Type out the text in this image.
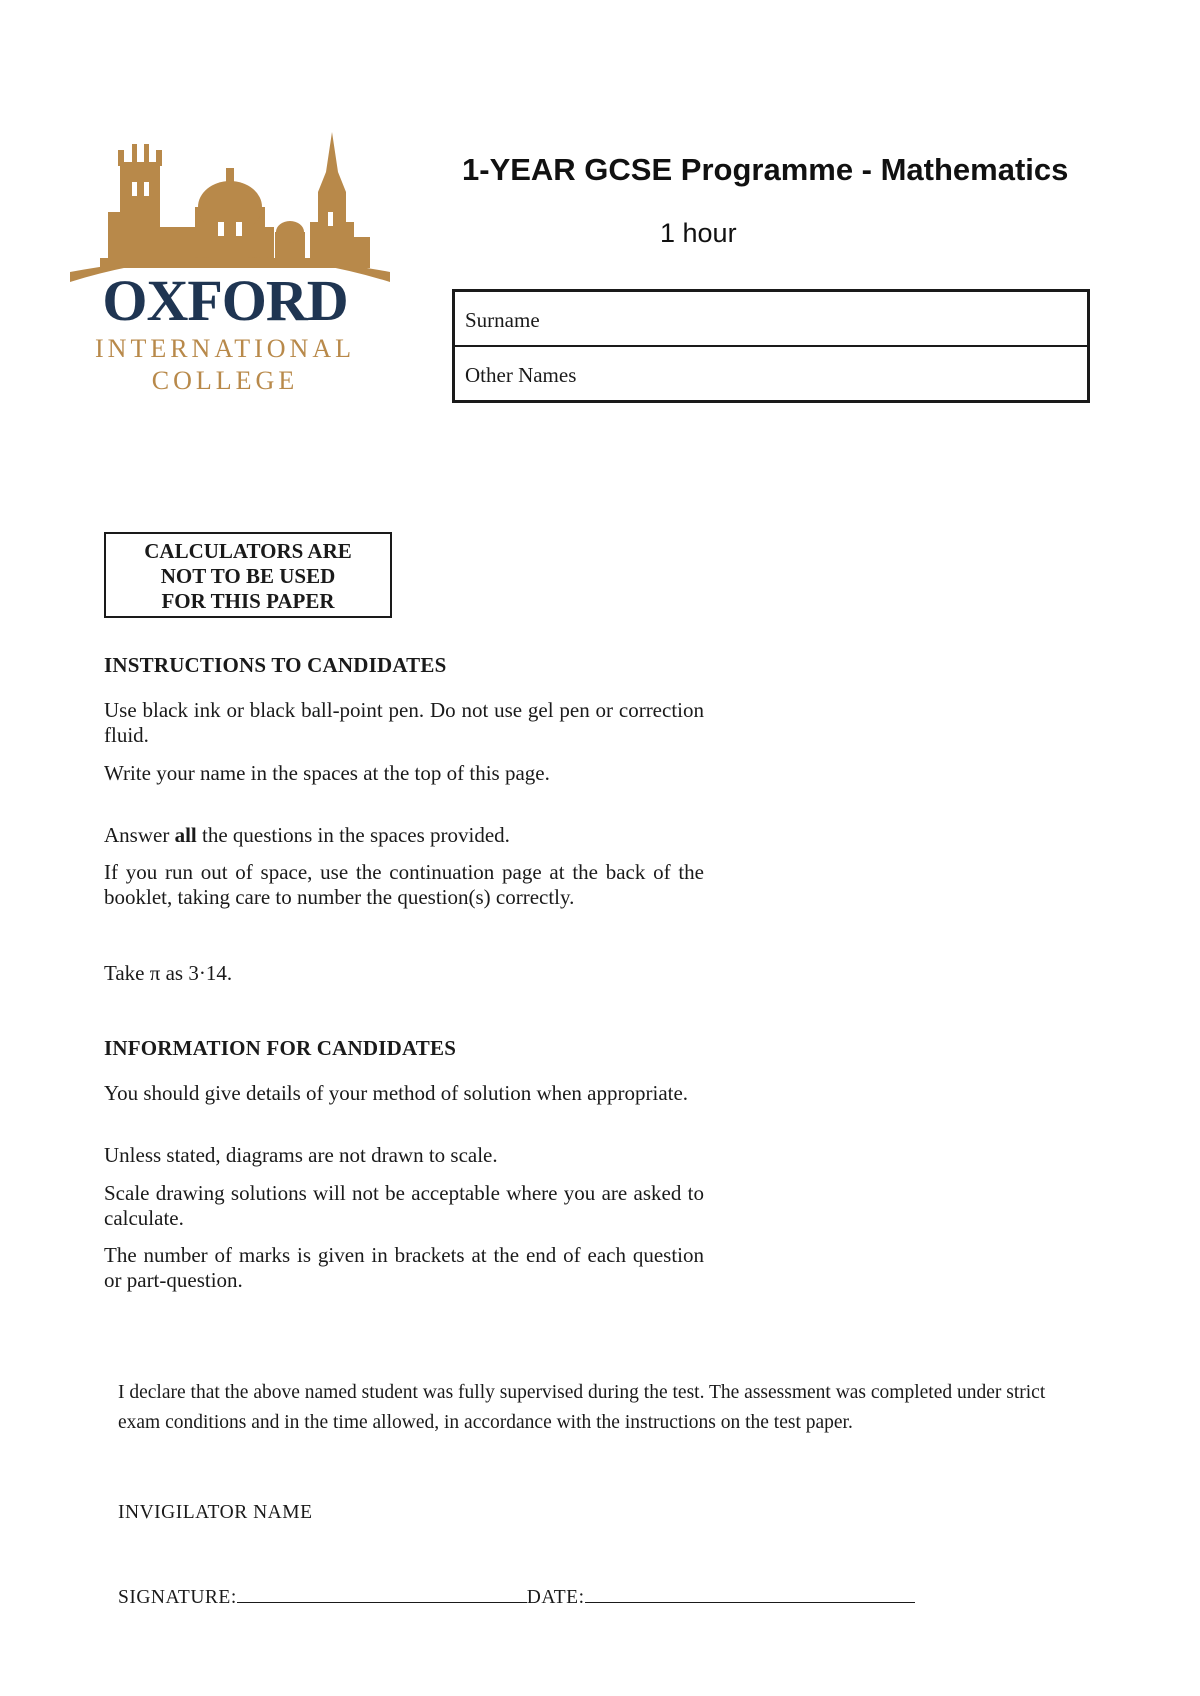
OXFORD
INTERNATIONAL
COLLEGE
1-YEAR GCSE Programme - Mathematics
1 hour
Surname
Other Names
CALCULATORS ARE
NOT TO BE USED
FOR THIS PAPER
INSTRUCTIONS TO CANDIDATES
Use black ink or black ball-point pen. Do not use gel pen or correction fluid.
Write your name in the spaces at the top of this page.
Answer all the questions in the spaces provided.
If you run out of space, use the continuation page at the back of the booklet, taking care to number the question(s) correctly.
Take π as 3·14.
INFORMATION FOR CANDIDATES
You should give details of your method of solution when appropriate.
Unless stated, diagrams are not drawn to scale.
Scale drawing solutions will not be acceptable where you are asked to calculate.
The number of marks is given in brackets at the end of each question or part-question.
I declare that the above named student was fully supervised during the test. The assessment was completed under strict exam conditions and in the time allowed, in accordance with the instructions on the test paper.
INVIGILATOR NAME
SIGNATURE:	DATE:
